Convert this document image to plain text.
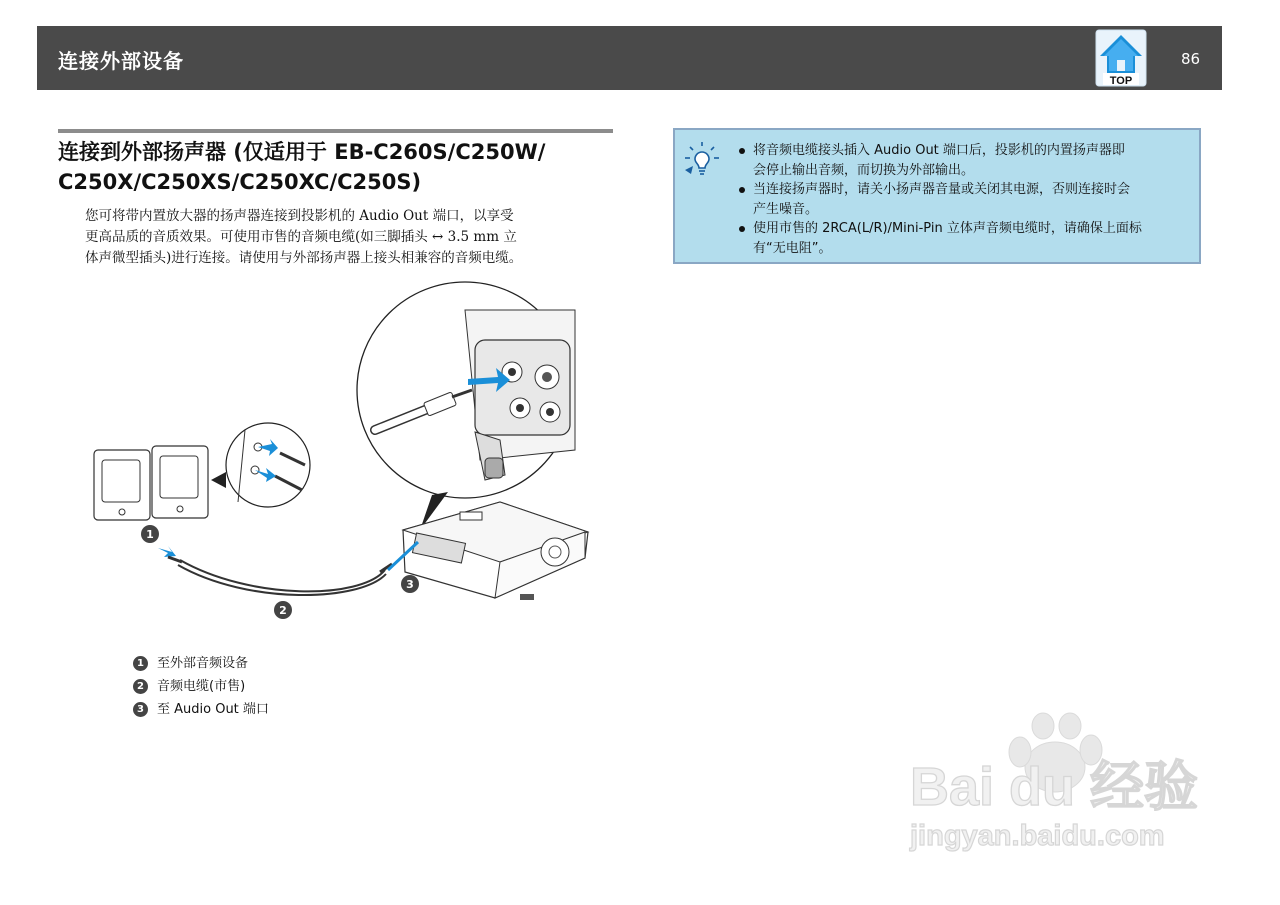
连接外部设备
TOP
86
连接到外部扬声器 (仅适用于 EB-C260S/C250W/
C250X/C250XS/C250XC/C250S)
您可将带内置放大器的扬声器连接到投影机的 Audio Out 端口，以享受
更高品质的音质效果。可使用市售的音频电缆(如三脚插头 ↔ 3.5 mm 立
体声微型插头)进行连接。请使用与外部扬声器上接头相兼容的音频电缆。
1
2
3
1	至外部音频设备
2	音频电缆(市售)
3	至 Audio Out 端口
将音频电缆接头插入 Audio Out 端口后，投影机的内置扬声器即
会停止输出音频，而切换为外部输出。
当连接扬声器时，请关小扬声器音量或关闭其电源，否则连接时会
产生噪音。
使用市售的 2RCA(L/R)/Mini-Pin 立体声音频电缆时，请确保上面标
有“无电阻”。
Bai du 经验
jingyan.baidu.com
